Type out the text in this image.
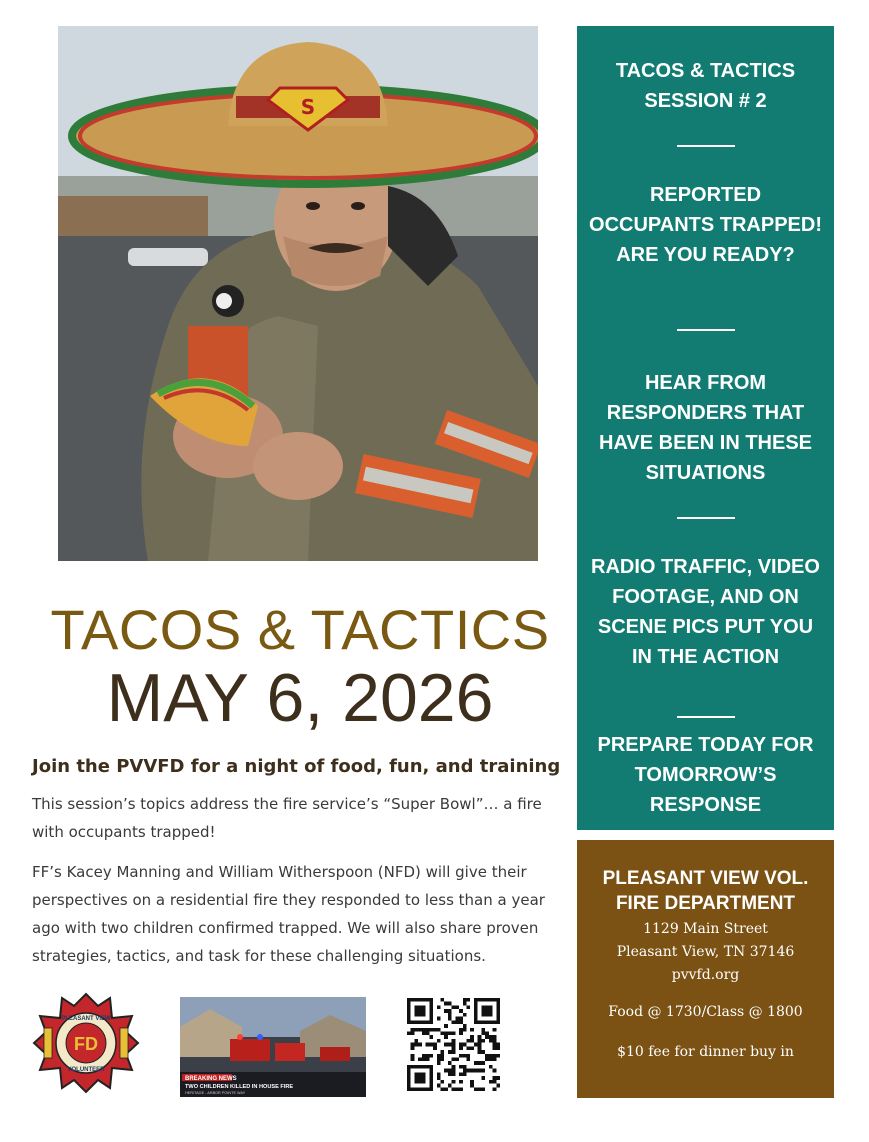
S
TACOS & TACTICS
MAY 6, 2026
Join the PVVFD for a night of food, fun, and training
This session’s topics address the fire service’s “Super Bowl”… a fire with occupants trapped!
FF’s Kacey Manning and William Witherspoon (NFD) will give their perspectives on a residential fire they responded to less than a year ago with two children confirmed trapped. We will also share proven strategies, tactics, and task for these challenging situations.
FD
PLEASANT VIEW
VOLUNTEER
BREAKING NEWS
TWO CHILDREN KILLED IN HOUSE FIRE
HERITAGE - ARBOR POINTE WAY
TACOS & TACTICS SESSION # 2
REPORTED OCCUPANTS TRAPPED! ARE YOU READY?
HEAR FROM RESPONDERS THAT HAVE BEEN IN THESE SITUATIONS
RADIO TRAFFIC, VIDEO FOOTAGE, AND ON SCENE PICS PUT YOU IN THE ACTION
PREPARE TODAY FOR TOMORROW’S RESPONSE
PLEASANT VIEW VOL. FIRE DEPARTMENT
1129 Main Street
Pleasant View, TN 37146
pvvfd.org
Food @ 1730/Class @ 1800
$10 fee for dinner buy in
